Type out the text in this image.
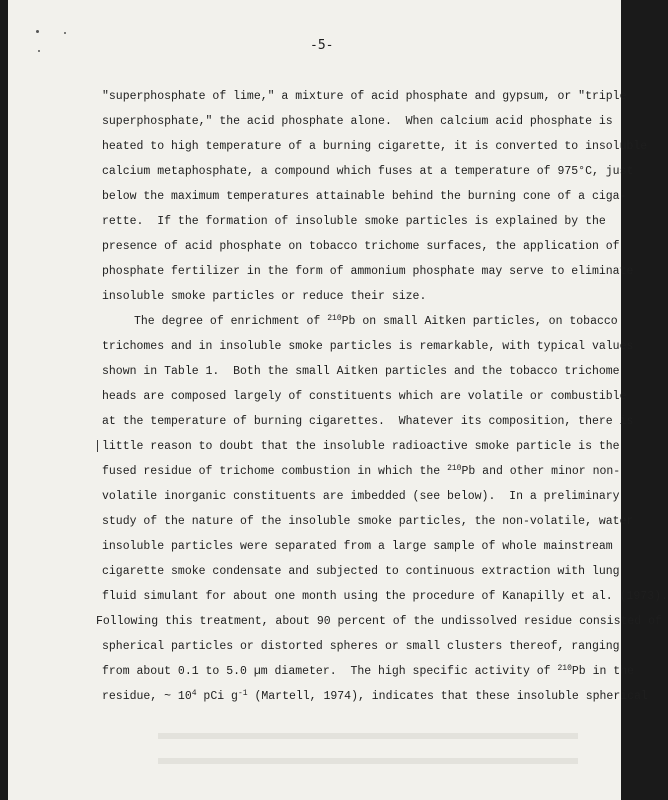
-5-
"superphosphate of lime," a mixture of acid phosphate and gypsum, or "triple
superphosphate," the acid phosphate alone.  When calcium acid phosphate is
heated to high temperature of a burning cigarette, it is converted to insoluble
calcium metaphosphate, a compound which fuses at a temperature of 975°C, just
below the maximum temperatures attainable behind the burning cone of a ciga-
rette.  If the formation of insoluble smoke particles is explained by the
presence of acid phosphate on tobacco trichome surfaces, the application of
phosphate fertilizer in the form of ammonium phosphate may serve to eliminate
insoluble smoke particles or reduce their size.
The degree of enrichment of $^{210}$Pb on small Aitken particles, on tobacco
trichomes and in insoluble smoke particles is remarkable, with typical values
shown in Table 1.  Both the small Aitken particles and the tobacco trichome
heads are composed largely of constituents which are volatile or combustible
at the temperature of burning cigarettes.  Whatever its composition, there is
little reason to doubt that the insoluble radioactive smoke particle is the
fused residue of trichome combustion in which the $^{210}$Pb and other minor non-
volatile inorganic constituents are imbedded (see below).  In a preliminary
study of the nature of the insoluble smoke particles, the non-volatile, water
insoluble particles were separated from a large sample of whole mainstream
cigarette smoke condensate and subjected to continuous extraction with lung
fluid simulant for about one month using the procedure of Kanapilly et al. (1973).
Following this treatment, about 90 percent of the undissolved residue consisted of
spherical particles or distorted spheres or small clusters thereof, ranging
from about 0.1 to 5.0 µm diameter.  The high specific activity of $^{210}$Pb in the
residue, ~ $10^4$ pCi $g^{-1}$ (Martell, 1974), indicates that these insoluble spherical
